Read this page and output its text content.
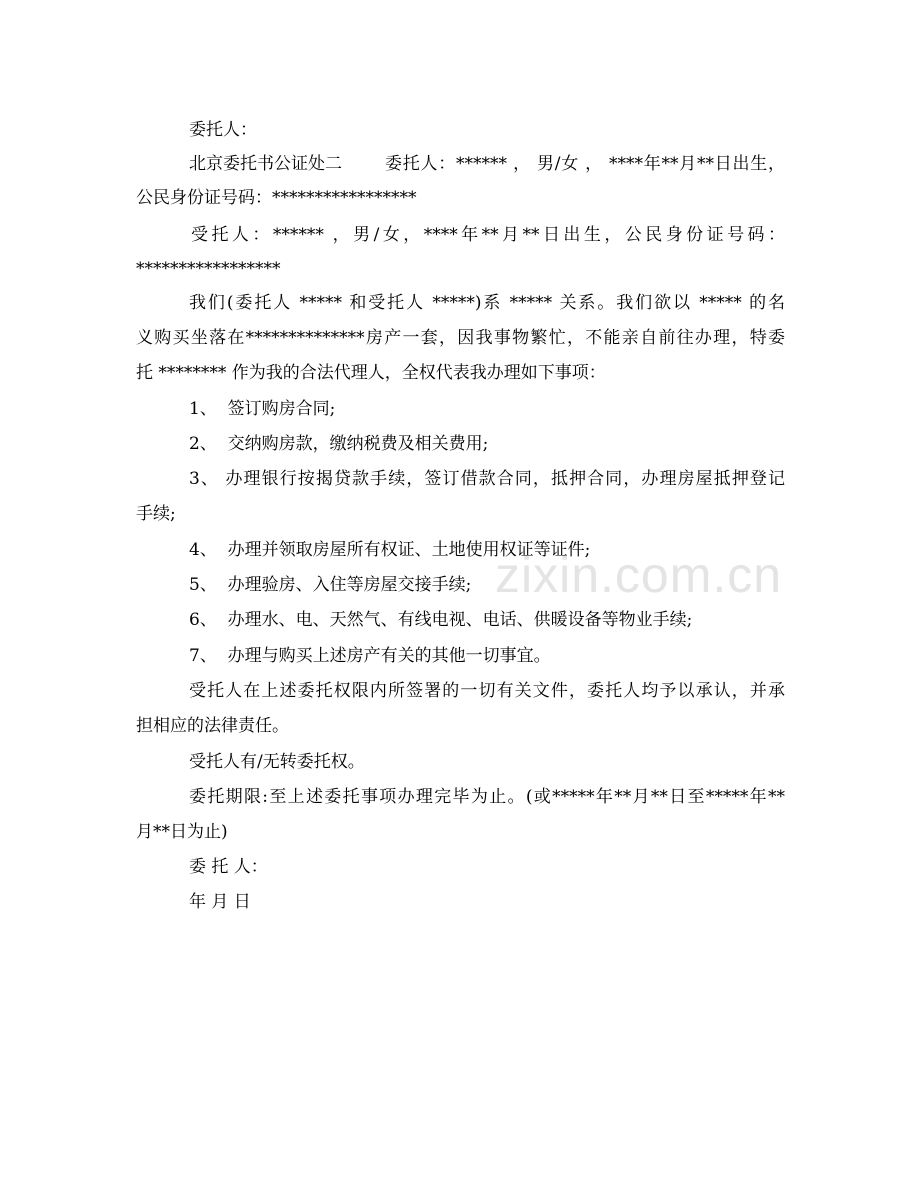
委托人：

北京委托书公证处二	委托人：****** ， 男/女 ， ****年**月**日出生，

公民身份证号码：*****************

受托人：****** ，男/女，****年**月**日出生，公民身份证号码：

*****************

我们(委托人 ***** 和受托人 *****)系 ***** 关系。我们欲以 ***** 的名

义购买坐落在**************房产一套，因我事物繁忙，不能亲自前往办理，特委

托 ******** 作为我的合法代理人，全权代表我办理如下事项：

1、  签订购房合同;

2、  交纳购房款，缴纳税费及相关费用;

3、 办理银行按揭贷款手续，签订借款合同，抵押合同，办理房屋抵押登记

手续;

4、  办理并领取房屋所有权证、土地使用权证等证件;

5、  办理验房、入住等房屋交接手续;

6、  办理水、电、天然气、有线电视、电话、供暖设备等物业手续;

7、  办理与购买上述房产有关的其他一切事宜。

受托人在上述委托权限内所签署的一切有关文件，委托人均予以承认，并承

担相应的法律责任。

受托人有/无转委托权。

委托期限:至上述委托事项办理完毕为止。(或*****年**月**日至*****年**

月**日为止)

委 托 人：

年 月 日

zixin.com.cn
